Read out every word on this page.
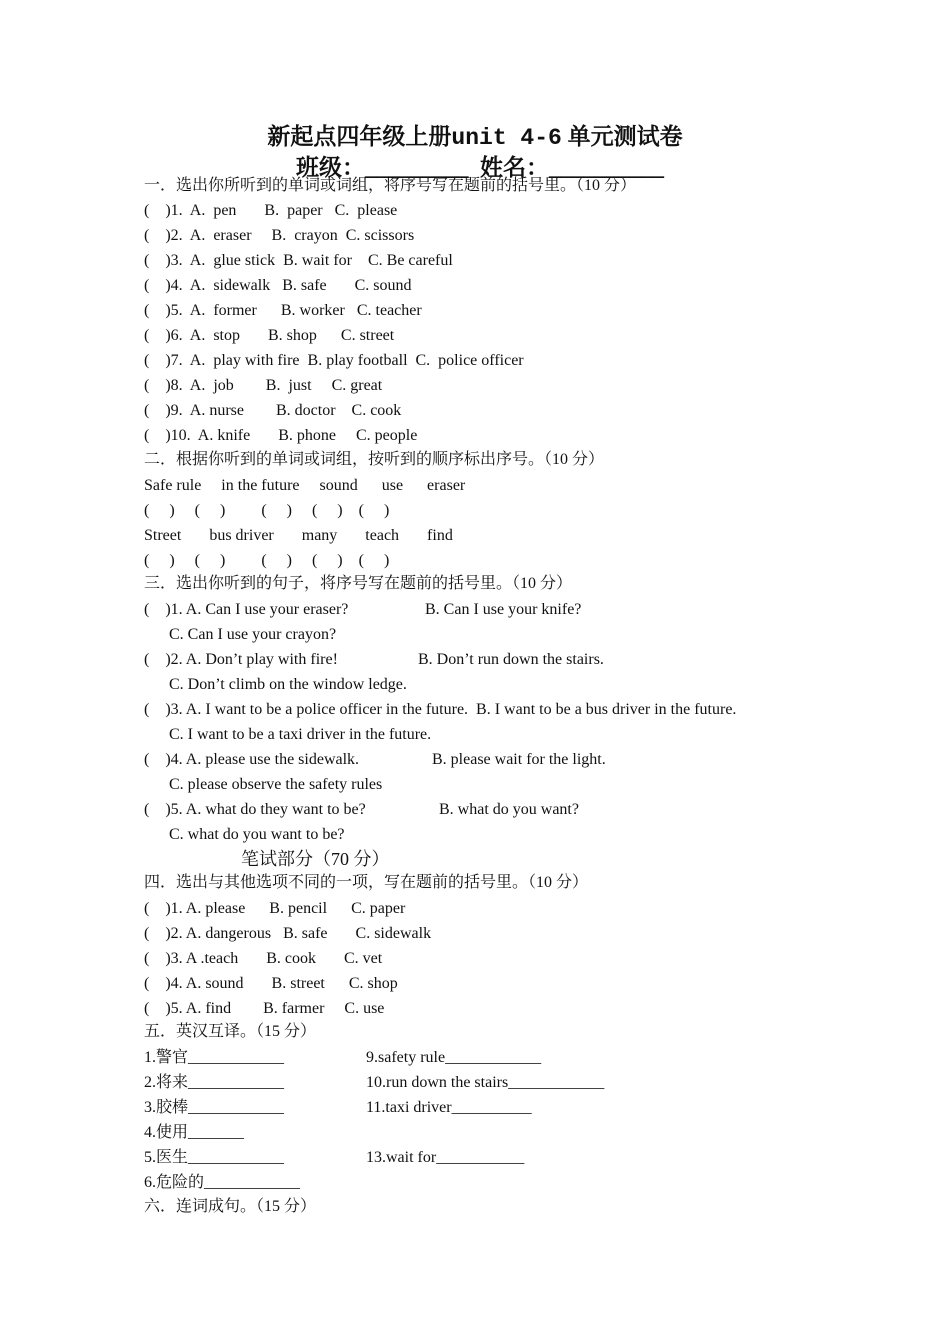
新起点四年级上册unit 4-6 单元测试卷
班级：_________  姓名：__________
一．选出你所听到的单词或词组，将序号写在题前的括号里。（10 分）
(    )1.  A.  pen       B.  paper   C.  please
(    )2.  A.  eraser     B.  crayon  C. scissors
(    )3.  A.  glue stick  B. wait for    C. Be careful
(    )4.  A.  sidewalk   B. safe       C. sound
(    )5.  A.  former      B. worker   C. teacher
(    )6.  A.  stop       B. shop      C. street
(    )7.  A.  play with fire  B. play football  C.  police officer
(    )8.  A.  job        B.  just     C. great
(    )9.  A. nurse        B. doctor    C. cook
(    )10.  A. knife       B. phone     C. people
二．根据你听到的单词或词组，按听到的顺序标出序号。（10 分）
Safe rule     in the future     sound      use      eraser
(     )     (     )         (     )     (     )    (     )
Street       bus driver       many       teach       find
(     )     (     )         (     )     (     )    (     )
三．选出你听到的句子，将序号写在题前的括号里。（10 分）
(    )1. A. Can I use your eraser?	B. Can I use your knife?
C. Can I use your crayon?
(    )2. A. Don’t play with fire!	B. Don’t run down the stairs.
C. Don’t climb on the window ledge.
(    )3. A. I want to be a police officer in the future.  B. I want to be a bus driver in the future.
C. I want to be a taxi driver in the future.
(    )4. A. please use the sidewalk.	B. please wait for the light.
C. please observe the safety rules
(    )5. A. what do they want to be?	B. what do you want?
C. what do you want to be?
笔试部分（70 分）
四．选出与其他选项不同的一项，写在题前的括号里。（10 分）
(    )1. A. please      B. pencil      C. paper
(    )2. A. dangerous   B. safe       C. sidewalk
(    )3. A .teach       B. cook       C. vet
(    )4. A. sound       B. street      C. shop
(    )5. A. find        B. farmer     C. use
五．英汉互译。（15 分）
1.警官____________	9.safety rule____________
2.将来____________	10.run down the stairs____________
3.胶棒____________	11.taxi driver__________
4.使用_______
5.医生____________	13.wait for___________
6.危险的____________
六．连词成句。（15 分）
